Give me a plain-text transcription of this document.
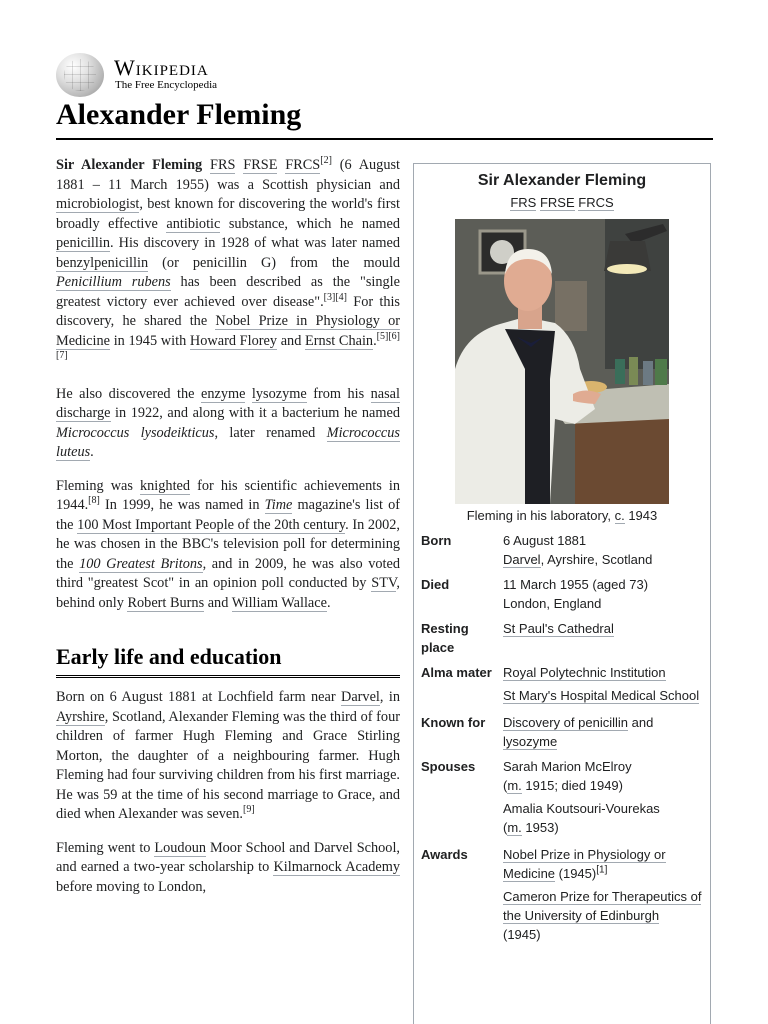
Wikipedia
The Free Encyclopedia
Alexander Fleming

Sir Alexander Fleming FRS FRSE FRCS[2] (6 August 1881 – 11 March 1955) was a Scottish physician and microbiologist, best known for discovering the world's first broadly effective antibiotic substance, which he named penicillin. His discovery in 1928 of what was later named benzylpenicillin (or penicillin G) from the mould Penicillium rubens has been described as the "single greatest victory ever achieved over disease".[3][4] For this discovery, he shared the Nobel Prize in Physiology or Medicine in 1945 with Howard Florey and Ernst Chain.[5][6][7]

He also discovered the enzyme lysozyme from his nasal discharge in 1922, and along with it a bacterium he named Micrococcus lysodeikticus, later renamed Micrococcus luteus.

Fleming was knighted for his scientific achievements in 1944.[8] In 1999, he was named in Time magazine's list of the 100 Most Important People of the 20th century. In 2002, he was chosen in the BBC's television poll for determining the 100 Greatest Britons, and in 2009, he was also voted third "greatest Scot" in an opinion poll conducted by STV, behind only Robert Burns and William Wallace.

Early life and education

Born on 6 August 1881 at Lochfield farm near Darvel, in Ayrshire, Scotland, Alexander Fleming was the third of four children of farmer Hugh Fleming and Grace Stirling Morton, the daughter of a neighbouring farmer. Hugh Fleming had four surviving children from his first marriage. He was 59 at the time of his second marriage to Grace, and died when Alexander was seven.[9]

Fleming went to Loudoun Moor School and Darvel School, and earned a two-year scholarship to Kilmarnock Academy before moving to London,

Sir Alexander Fleming
FRS FRSE FRCS
Fleming in his laboratory, c. 1943
Born	6 August 1881
Darvel, Ayrshire, Scotland
Died	11 March 1955 (aged 73)
London, England
Resting place
St Paul's Cathedral
Alma mater Royal Polytechnic Institution
St Mary's Hospital Medical School
Known for	Discovery of penicillin and lysozyme
Spouses	Sarah Marion McElroy
(m. 1915; died 1949)
Amalia Koutsouri-Vourekas
(m. 1953)
Awards	Nobel Prize in Physiology or Medicine (1945)[1]
Cameron Prize for Therapeutics of the University of Edinburgh
(1945)
